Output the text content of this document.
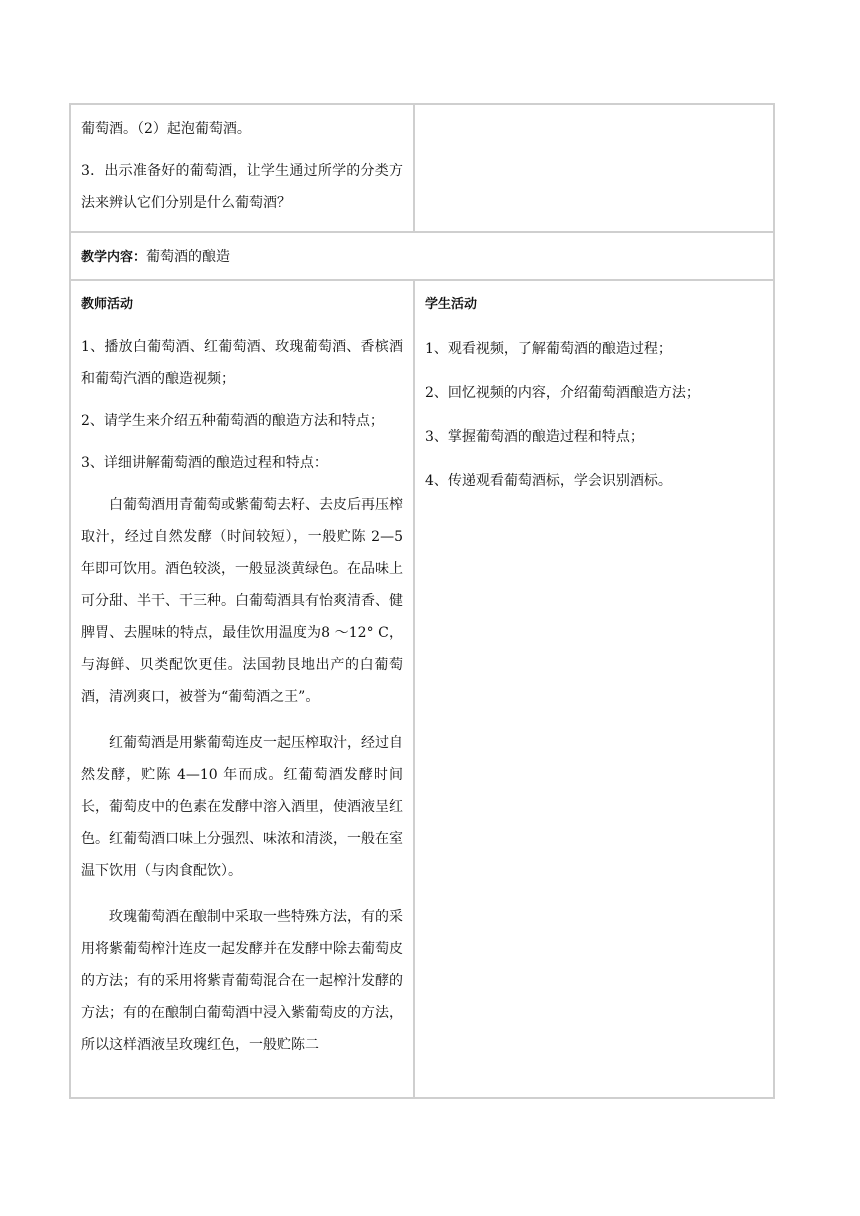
葡萄酒。（2）起泡葡萄酒。

3．出示准备好的葡萄酒，让学生通过所学的分类方法来辨认它们分别是什么葡萄酒？

教学内容：葡萄酒的酿造

教师活动

1、播放白葡萄酒、红葡萄酒、玫瑰葡萄酒、香槟酒和葡萄汽酒的酿造视频；

2、请学生来介绍五种葡萄酒的酿造方法和特点；

3、详细讲解葡萄酒的酿造过程和特点：

白葡萄酒用青葡萄或紫葡萄去籽、去皮后再压榨取汁，经过自然发酵（时间较短），一般贮陈 2—5 年即可饮用。酒色较淡，一般显淡黄绿色。在品味上可分甜、半干、干三种。白葡萄酒具有怡爽清香、健脾胃、去腥味的特点，最佳饮用温度为8 ～12° C，与海鲜、贝类配饮更佳。法国勃艮地出产的白葡萄酒，清冽爽口，被誉为“葡萄酒之王”。

红葡萄酒是用紫葡萄连皮一起压榨取汁，经过自然发酵，贮陈 4—10 年而成。红葡萄酒发酵时间长，葡萄皮中的色素在发酵中溶入酒里，使酒液呈红色。红葡萄酒口味上分强烈、味浓和清淡，一般在室温下饮用（与肉食配饮）。

玫瑰葡萄酒在酿制中采取一些特殊方法，有的采用将紫葡萄榨汁连皮一起发酵并在发酵中除去葡萄皮的方法；有的采用将紫青葡萄混合在一起榨汁发酵的方法；有的在酿制白葡萄酒中浸入紫葡萄皮的方法，所以这样酒液呈玫瑰红色，一般贮陈二

学生活动

1、观看视频，了解葡萄酒的酿造过程；

2、回忆视频的内容，介绍葡萄酒酿造方法；

3、掌握葡萄酒的酿造过程和特点；

4、传递观看葡萄酒标，学会识别酒标。
